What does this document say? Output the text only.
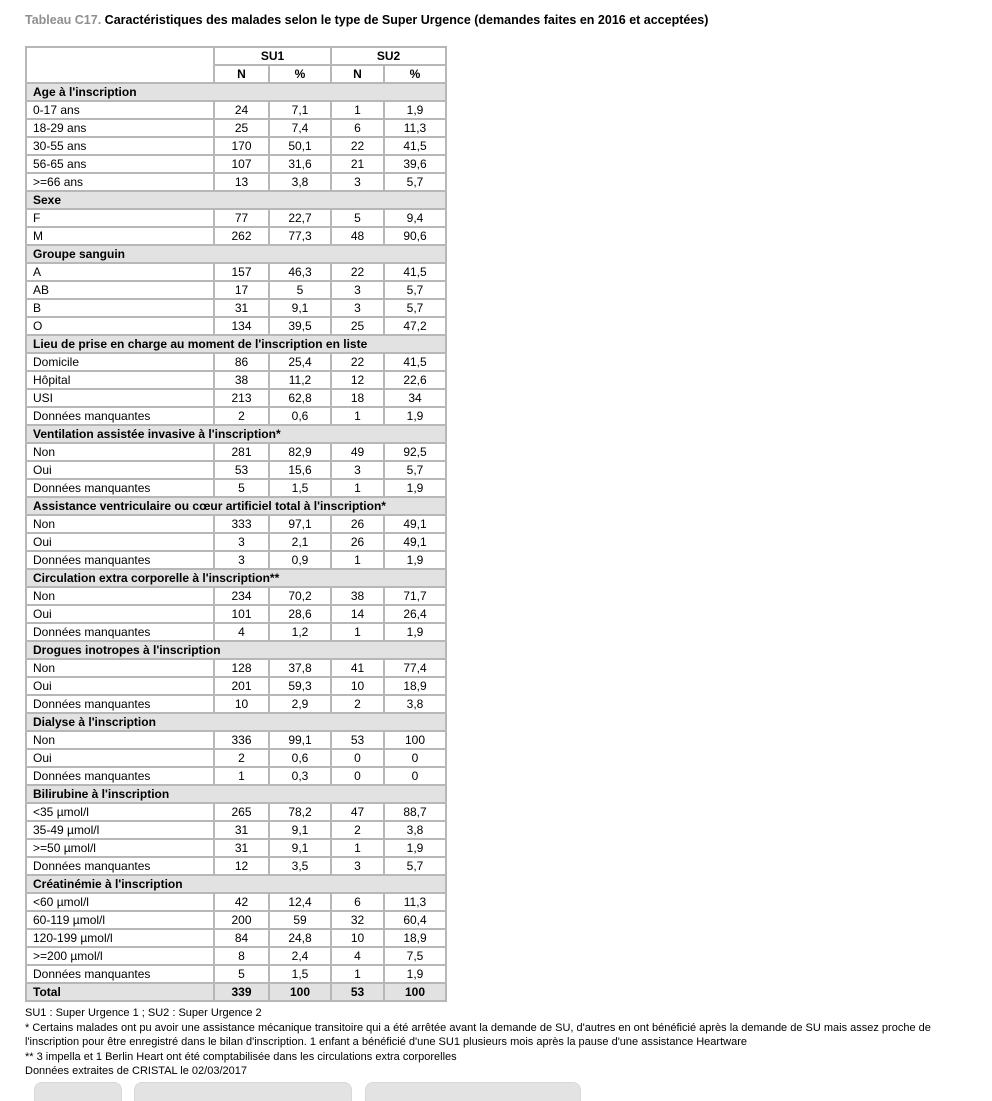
Tableau C17. Caractéristiques des malades selon le type de Super Urgence (demandes faites en 2016 et acceptées)
	SU1		SU2	
	N	%	N	%
Age à l'inscription				
0-17 ans	24	7,1	1	1,9
18-29 ans	25	7,4	6	11,3
30-55 ans	170	50,1	22	41,5
56-65 ans	107	31,6	21	39,6
>=66 ans	13	3,8	3	5,7
Sexe				
F	77	22,7	5	9,4
M	262	77,3	48	90,6
Groupe sanguin				
A	157	46,3	22	41,5
AB	17	5	3	5,7
B	31	9,1	3	5,7
O	134	39,5	25	47,2
Lieu de prise en charge au moment de l'inscription en liste				
Domicile	86	25,4	22	41,5
Hôpital	38	11,2	12	22,6
USI	213	62,8	18	34
Données manquantes	2	0,6	1	1,9
Ventilation assistée invasive à l'inscription*				
Non	281	82,9	49	92,5
Oui	53	15,6	3	5,7
Données manquantes	5	1,5	1	1,9
Assistance ventriculaire ou cœur artificiel total à l'inscription*				
Non	333	97,1	26	49,1
Oui	3	2,1	26	49,1
Données manquantes	3	0,9	1	1,9
Circulation extra corporelle à l'inscription**				
Non	234	70,2	38	71,7
Oui	101	28,6	14	26,4
Données manquantes	4	1,2	1	1,9
Drogues inotropes à l'inscription				
Non	128	37,8	41	77,4
Oui	201	59,3	10	18,9
Données manquantes	10	2,9	2	3,8
Dialyse à l'inscription				
Non	336	99,1	53	100
Oui	2	0,6	0	0
Données manquantes	1	0,3	0	0
Bilirubine à l'inscription				
<35 µmol/l	265	78,2	47	88,7
35-49 µmol/l	31	9,1	2	3,8
>=50 µmol/l	31	9,1	1	1,9
Données manquantes	12	3,5	3	5,7
Créatinémie à l'inscription				
<60 µmol/l	42	12,4	6	11,3
60-119 µmol/l	200	59	32	60,4
120-199 µmol/l	84	24,8	10	18,9
>=200 µmol/l	8	2,4	4	7,5
Données manquantes	5	1,5	1	1,9
Total	339	100	53	100

SU1 : Super Urgence 1 ; SU2 : Super Urgence 2

* Certains malades ont pu avoir une assistance mécanique transitoire qui a été arrêtée avant la demande de SU, d'autres en ont bénéficié après la demande de SU mais assez proche de l'inscription pour être enregistré dans le bilan d'inscription. 1 enfant a bénéficié d'une SU1 plusieurs mois après la pause d'une assistance Heartware

** 3 impella et 1 Berlin Heart ont été comptabilisée dans les circulations extra corporelles

Données extraites de CRISTAL le 02/03/2017
